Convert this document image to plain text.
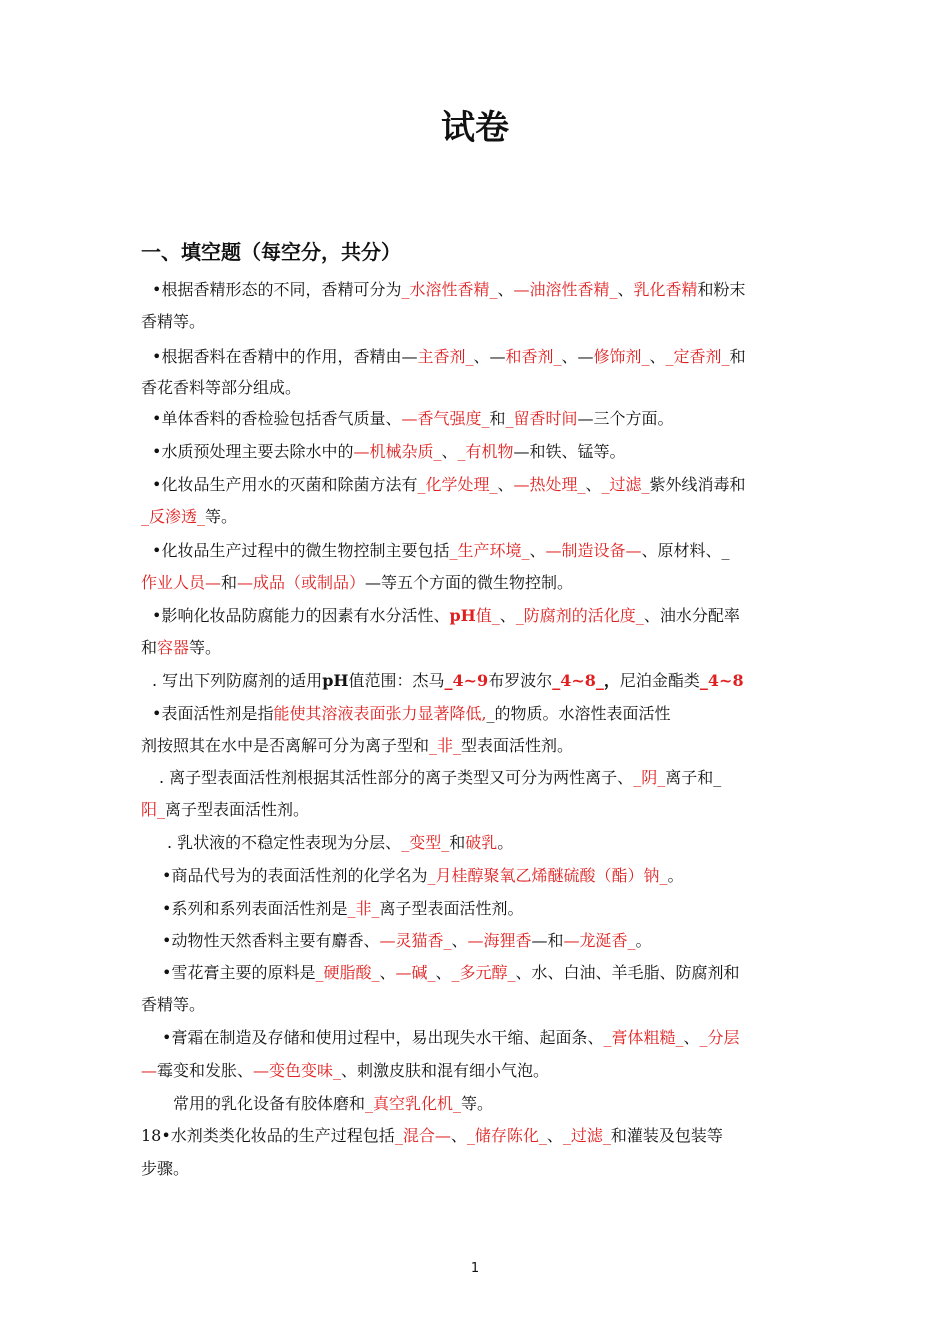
试卷
一、填空题（每空分，共分）
•根据香精形态的不同，香精可分为_水溶性香精_、—油溶性香精_、乳化香精和粉末
香精等。
•根据香料在香精中的作用，香精由—主香剂_、—和香剂_、—修饰剂_、_定香剂_和
香花香料等部分组成。
•单体香料的香检验包括香气质量、—香气强度_和_留香时间—三个方面。
•水质预处理主要去除水中的—机械杂质_、_有机物—和铁、锰等。
•化妆品生产用水的灭菌和除菌方法有_化学处理_、—热处理_、_过滤_紫外线消毒和
_反渗透_等。
•化妆品生产过程中的微生物控制主要包括_生产环境_、—制造设备—、原材料、_
作业人员—和—成品（或制品）—等五个方面的微生物控制。
•影响化妆品防腐能力的因素有水分活性、pH值_、_防腐剂的活化度_、油水分配率
和容器等。
. 写出下列防腐剂的适用pH值范围：杰马_4~9布罗波尔_4~8_，尼泊金酯类_4~8
•表面活性剂是指能使其溶液表面张力显著降低,_的物质。水溶性表面活性
剂按照其在水中是否离解可分为离子型和_非_型表面活性剂。
. 离子型表面活性剂根据其活性部分的离子类型又可分为两性离子、_阴_离子和_
阳_离子型表面活性剂。
. 乳状液的不稳定性表现为分层、_变型_和破乳。
•商品代号为的表面活性剂的化学名为_月桂醇聚氧乙烯醚硫酸（酯）钠_。
•系列和系列表面活性剂是_非_离子型表面活性剂。
•动物性天然香料主要有麝香、—灵猫香_、—海狸香—和—龙涎香_。
•雪花膏主要的原料是_硬脂酸_、—碱_、_多元醇_、水、白油、羊毛脂、防腐剂和
香精等。
•膏霜在制造及存储和使用过程中，易出现失水干缩、起面条、_膏体粗糙_、_分层
—霉变和发胀、—变色变味_、刺激皮肤和混有细小气泡。
常用的乳化设备有胶体磨和_真空乳化机_等。
18•水剂类类化妆品的生产过程包括_混合—、_储存陈化_、_过滤_和灌装及包装等
步骤。
1
